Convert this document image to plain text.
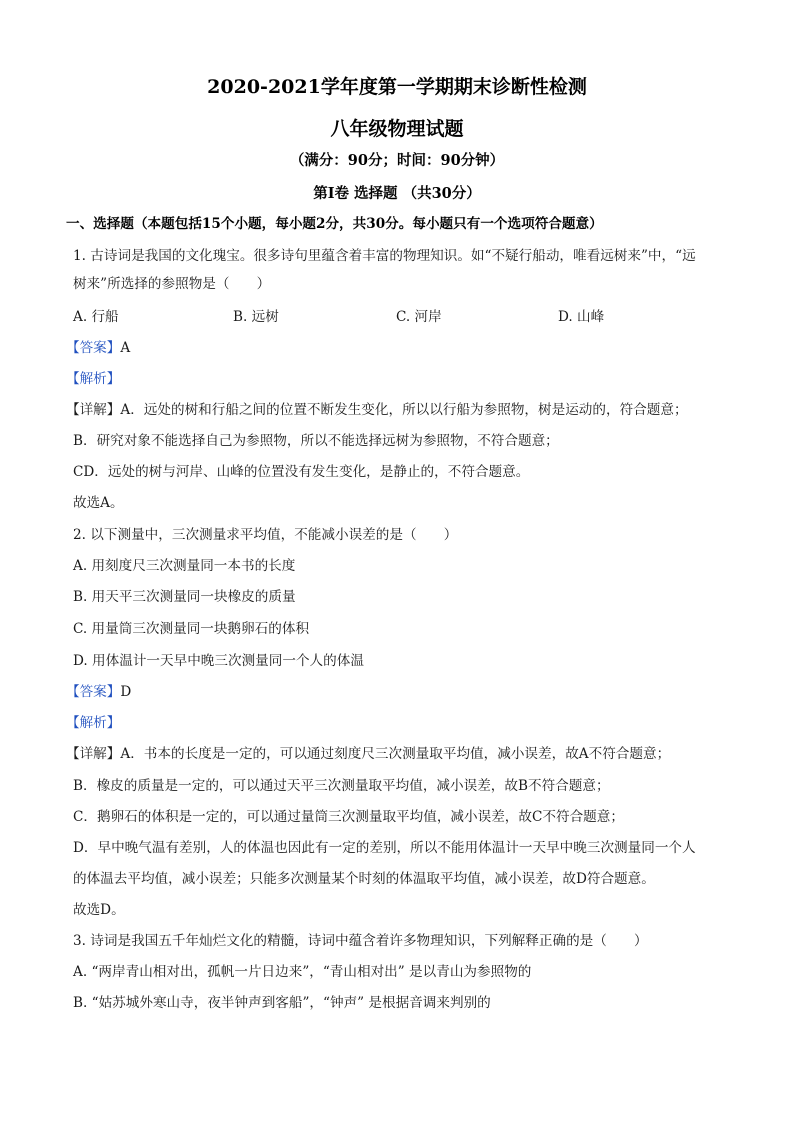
2020-2021学年度第一学期期末诊断性检测
八年级物理试题
（满分：90分；时间：90分钟）
第Ⅰ卷 选择题 （共30分）
一、选择题（本题包括15个小题，每小题2分，共30分。每小题只有一个选项符合题意）
1. 古诗词是我国的文化瑰宝。很多诗句里蕴含着丰富的物理知识。如“不疑行船动，唯看远树来”中，“远
树来”所选择的参照物是（　　）
A. 行船	B. 远树	C. 河岸	D. 山峰
【答案】A
【解析】
【详解】A．远处的树和行船之间的位置不断发生变化，所以以行船为参照物，树是运动的，符合题意；
B．研究对象不能选择自己为参照物，所以不能选择远树为参照物，不符合题意；
CD．远处的树与河岸、山峰的位置没有发生变化，是静止的，不符合题意。
故选A。
2. 以下测量中，三次测量求平均值，不能减小误差的是（　　）
A. 用刻度尺三次测量同一本书的长度
B. 用天平三次测量同一块橡皮的质量
C. 用量筒三次测量同一块鹅卵石的体积
D. 用体温计一天早中晚三次测量同一个人的体温
【答案】D
【解析】
【详解】A．书本的长度是一定的，可以通过刻度尺三次测量取平均值，减小误差，故A不符合题意；
B．橡皮的质量是一定的，可以通过天平三次测量取平均值，减小误差，故B不符合题意；
C．鹅卵石的体积是一定的，可以通过量筒三次测量取平均值，减小误差，故C不符合题意；
D．早中晚气温有差别，人的体温也因此有一定的差别，所以不能用体温计一天早中晚三次测量同一个人
的体温去平均值，减小误差；只能多次测量某个时刻的体温取平均值，减小误差，故D符合题意。
故选D。
3. 诗词是我国五千年灿烂文化的精髓，诗词中蕴含着许多物理知识，下列解释正确的是（　　）
A. “两岸青山相对出，孤帆一片日边来”，“青山相对出” 是以青山为参照物的
B. “姑苏城外寒山寺，夜半钟声到客船”，“钟声” 是根据音调来判别的
